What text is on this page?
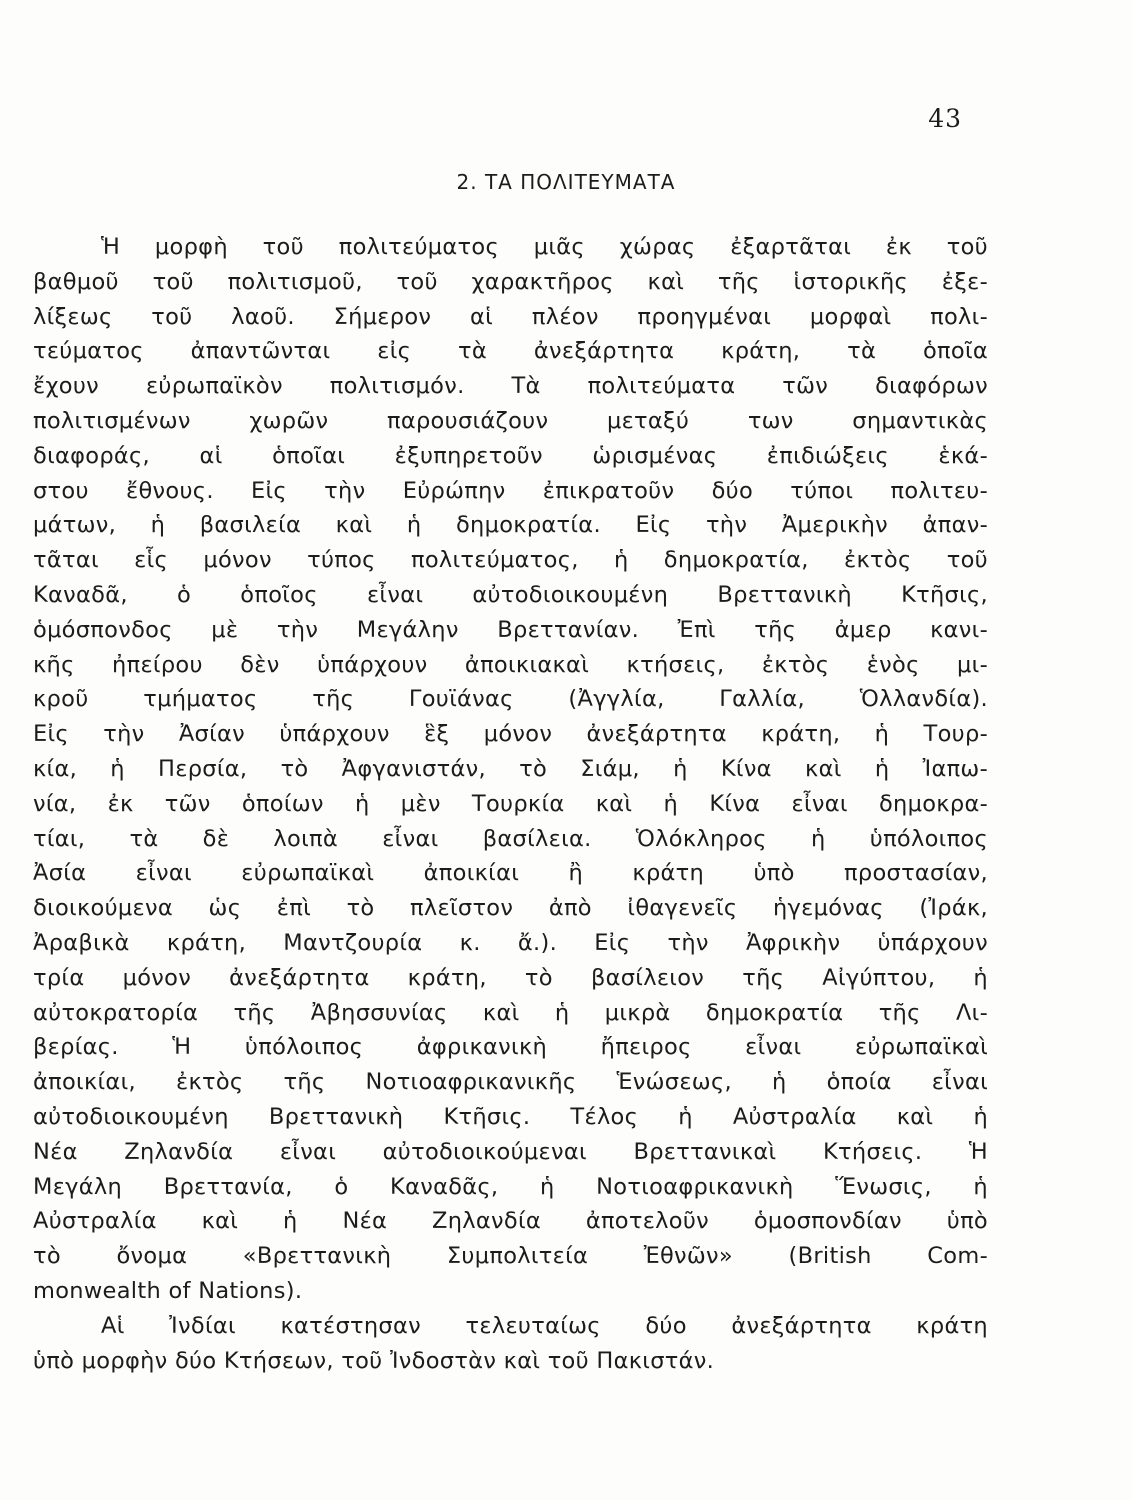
43
2. ΤΑ ΠΟΛΙΤΕΥΜΑΤΑ
Ἡ μορφὴ τοῦ πολιτεύματος μιᾶς χώρας ἐξαρτᾶται ἐκ τοῦ
βαθμοῦ τοῦ πολιτισμοῦ, τοῦ χαρακτῆρος καὶ τῆς ἱστορικῆς ἐξε-
λίξεως τοῦ λαοῦ. Σήμερον αἱ πλέον προηγμέναι μορφαὶ πολι-
τεύματος ἀπαντῶνται εἰς τὰ ἀνεξάρτητα κράτη, τὰ ὁποῖα
ἔχουν εὐρωπαϊκὸν πολιτισμόν. Τὰ πολιτεύματα τῶν διαφόρων
πολιτισμένων χωρῶν παρουσιάζουν μεταξύ των σημαντικὰς
διαφοράς, αἱ ὁποῖαι ἐξυπηρετοῦν ὡρισμένας ἐπιδιώξεις ἑκά-
στου ἔθνους. Εἰς τὴν Εὐρώπην ἐπικρατοῦν δύο τύποι πολιτευ-
μάτων, ἡ βασιλεία καὶ ἡ δημοκρατία. Εἰς τὴν Ἀμερικὴν ἀπαν-
τᾶται εἷς μόνον τύπος πολιτεύματος, ἡ δημοκρατία, ἐκτὸς τοῦ
Καναδᾶ, ὁ ὁποῖος εἶναι αὐτοδιοικουμένη Βρεττανικὴ Κτῆσις,
ὁμόσπονδος μὲ τὴν Μεγάλην Βρεττανίαν. Ἐπὶ τῆς ἀμερ κανι-
κῆς ἠπείρου δὲν ὑπάρχουν ἀποικιακαὶ κτήσεις, ἐκτὸς ἑνὸς μι-
κροῦ τμήματος τῆς Γουϊάνας (Ἀγγλία, Γαλλία, Ὁλλανδία).
Εἰς τὴν Ἀσίαν ὑπάρχουν ἓξ μόνον ἀνεξάρτητα κράτη, ἡ Τουρ-
κία, ἡ Περσία, τὸ Ἀφγανιστάν, τὸ Σιάμ, ἡ Κίνα καὶ ἡ Ἰαπω-
νία, ἐκ τῶν ὁποίων ἡ μὲν Τουρκία καὶ ἡ Κίνα εἶναι δημοκρα-
τίαι, τὰ δὲ λοιπὰ εἶναι βασίλεια. Ὁλόκληρος ἡ ὑπόλοιπος
Ἀσία εἶναι εὐρωπαϊκαὶ ἀποικίαι ἢ κράτη ὑπὸ προστασίαν,
διοικούμενα ὡς ἐπὶ τὸ πλεῖστον ἀπὸ ἰθαγενεῖς ἡγεμόνας (Ἰράκ,
Ἀραβικὰ κράτη, Μαντζουρία κ. ἄ.). Εἰς τὴν Ἀφρικὴν ὑπάρχουν
τρία μόνον ἀνεξάρτητα κράτη, τὸ βασίλειον τῆς Αἰγύπτου, ἡ
αὐτοκρατορία τῆς Ἀβησσυνίας καὶ ἡ μικρὰ δημοκρατία τῆς Λι-
βερίας. Ἡ ὑπόλοιπος ἀφρικανικὴ ἤπειρος εἶναι εὐρωπαϊκαὶ
ἀποικίαι, ἐκτὸς τῆς Νοτιοαφρικανικῆς Ἑνώσεως, ἡ ὁποία εἶναι
αὐτοδιοικουμένη Βρεττανικὴ Κτῆσις. Τέλος ἡ Αὐστραλία καὶ ἡ
Νέα Ζηλανδία εἶναι αὐτοδιοικούμεναι Βρεττανικαὶ Κτήσεις. Ἡ
Μεγάλη Βρεττανία, ὁ Καναδᾶς, ἡ Νοτιοαφρικανικὴ Ἕνωσις, ἡ
Αὐστραλία καὶ ἡ Νέα Ζηλανδία ἀποτελοῦν ὁμοσπονδίαν ὑπὸ
τὸ ὄνομα «Βρεττανικὴ Συμπολιτεία Ἐθνῶν» (British Com-
monwealth of Nations).
Αἱ Ἰνδίαι κατέστησαν τελευταίως δύο ἀνεξάρτητα κράτη
ὑπὸ μορφὴν δύο Κτήσεων, τοῦ Ἰνδοστὰν καὶ τοῦ Πακιστάν.
